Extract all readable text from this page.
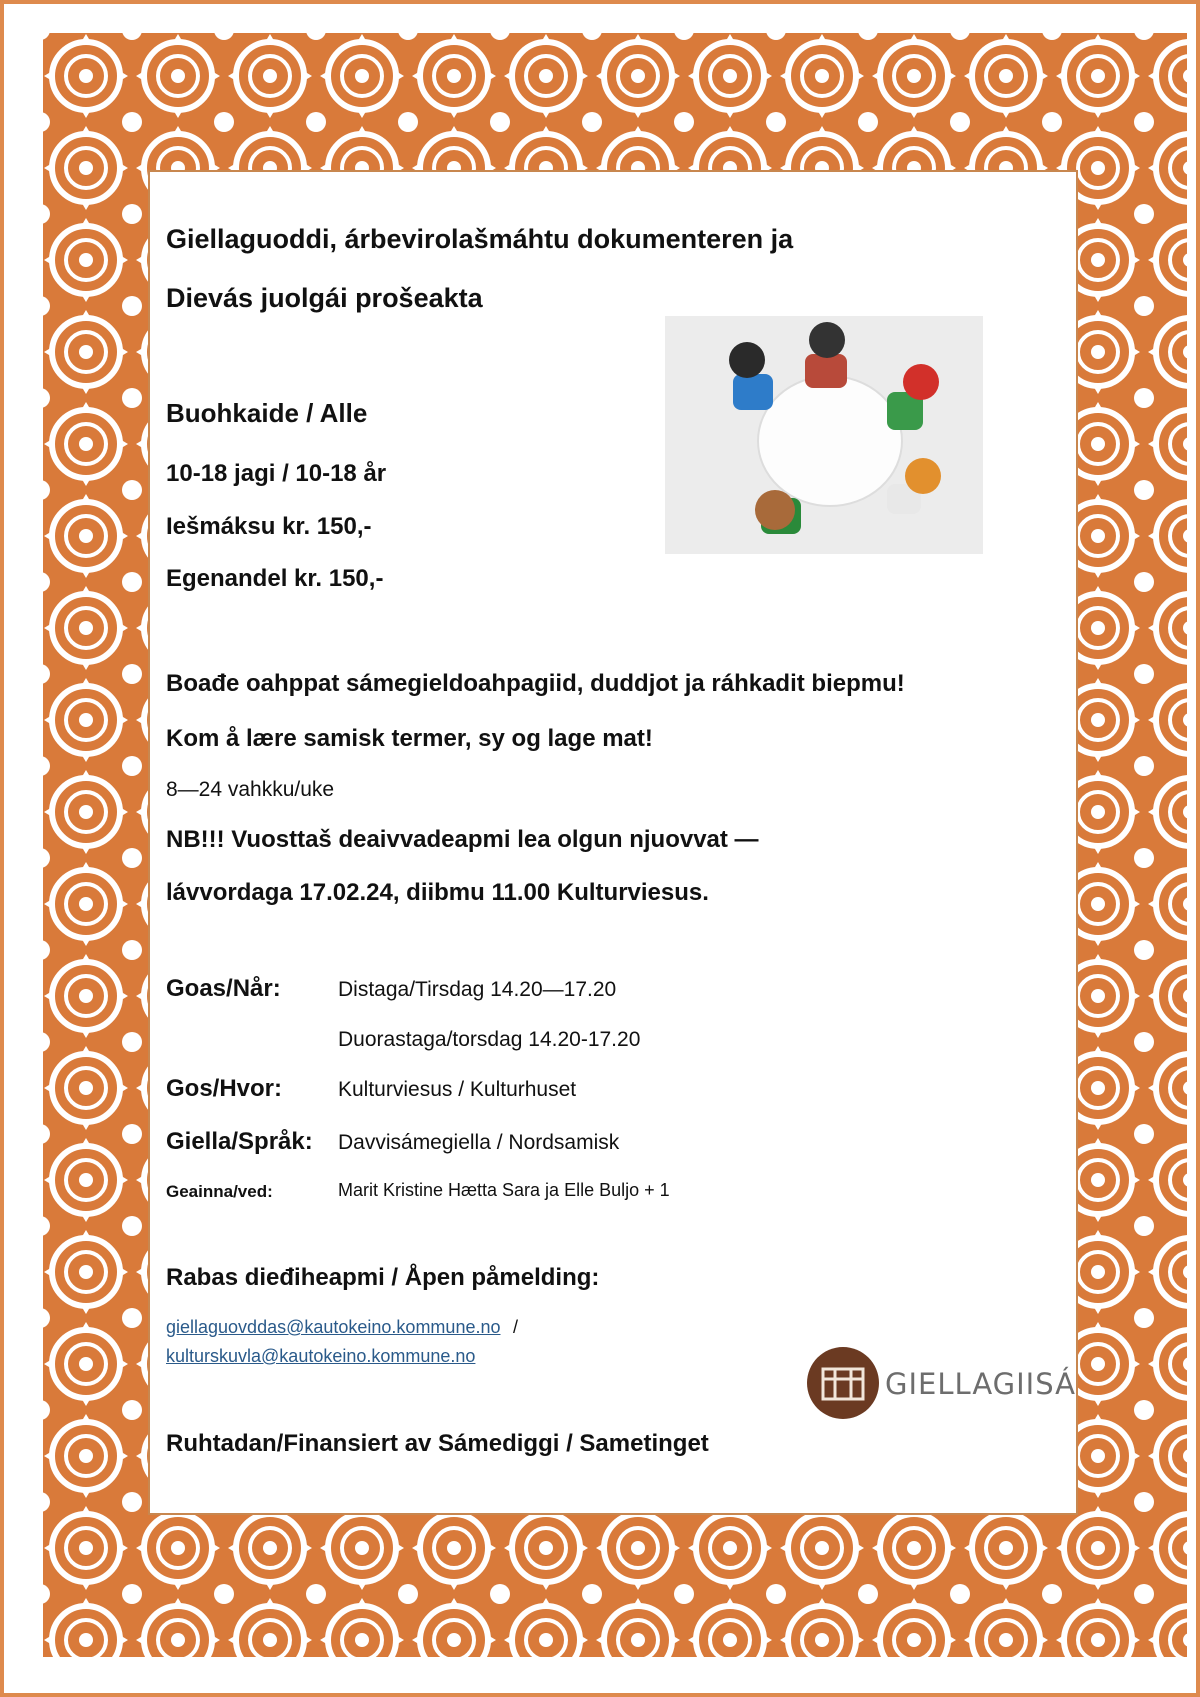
Giellaguoddi, árbevirolašmáhtu dokumenteren ja

Dievás juolgái prošeakta

Buohkaide / Alle

10-18 jagi / 10-18 år

Iešmáksu kr. 150,-

Egenandel kr. 150,-

Boađe oahppat sámegieldoahpagiid, duddjot ja ráhkadit biepmu!

Kom å lære samisk termer, sy og lage mat!

8—24 vahkku/uke

NB!!! Vuosttaš deaivvadeapmi lea olgun njuovvat —

lávvordaga 17.02.24, diibmu 11.00 Kulturviesus.

Goas/Når:	Distaga/Tirsdag 14.20—17.20

Duorastaga/torsdag 14.20-17.20

Gos/Hvor:	Kulturviesus / Kulturhuset

Giella/Språk: Davvisámegiella / Nordsamisk

Geainna/ved:	Marit Kristine Hætta Sara ja Elle Buljo + 1

Rabas dieđiheapmi / Åpen påmelding:

giellaguovddas@kautokeino.kommune.no /

kulturskuvla@kautokeino.kommune.no

GIELLAGIISÁ

Ruhtadan/Finansiert av Sámediggi / Sametinget
